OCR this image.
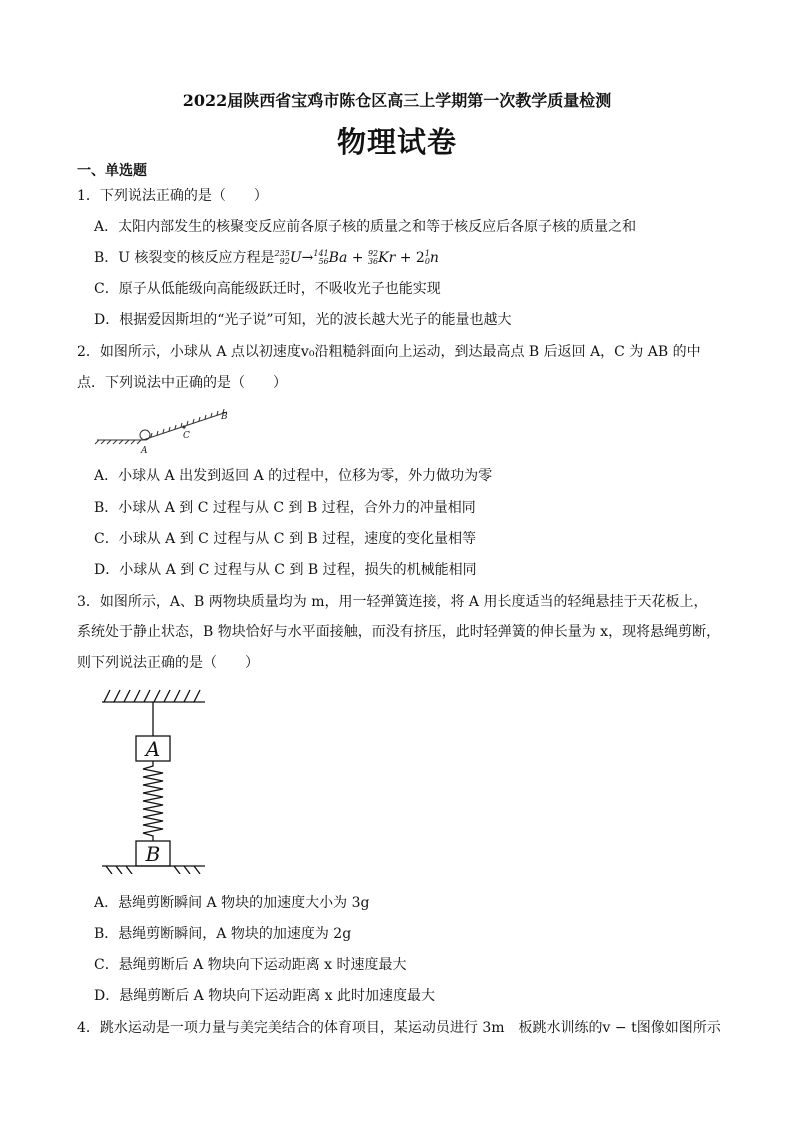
2022届陕西省宝鸡市陈仓区高三上学期第一次教学质量检测
物理试卷
一、单选题
1．下列说法正确的是（　　）
A．太阳内部发生的核聚变反应前各原子核的质量之和等于核反应后各原子核的质量之和
B．U 核裂变的核反应方程是235
92U→141
56Ba + 92
36Kr + 21
0n
C．原子从低能级向高能级跃迁时，不吸收光子也能实现
D．根据爱因斯坦的“光子说”可知，光的波长越大光子的能量也越大
2．如图所示，小球从 A 点以初速度v₀沿粗糙斜面向上运动，到达最高点 B 后返回 A，C 为 AB 的中
点．下列说法中正确的是（　　）
A
C
B
A．小球从 A 出发到返回 A 的过程中，位移为零，外力做功为零
B．小球从 A 到 C 过程与从 C 到 B 过程，合外力的冲量相同
C．小球从 A 到 C 过程与从 C 到 B 过程，速度的变化量相等
D．小球从 A 到 C 过程与从 C 到 B 过程，损失的机械能相同
3．如图所示，A、B 两物块质量均为 m，用一轻弹簧连接，将 A 用长度适当的轻绳悬挂于天花板上，
系统处于静止状态，B 物块恰好与水平面接触，而没有挤压，此时轻弹簧的伸长量为 x，现将悬绳剪断，
则下列说法正确的是（　　）
A
B
A．悬绳剪断瞬间 A 物块的加速度大小为 3g
B．悬绳剪断瞬间，A 物块的加速度为 2g
C．悬绳剪断后 A 物块向下运动距离 x 时速度最大
D．悬绳剪断后 A 物块向下运动距离 x 此时加速度最大
4．跳水运动是一项力量与美完美结合的体育项目，某运动员进行 3m　板跳水训练的v − t图像如图所示
